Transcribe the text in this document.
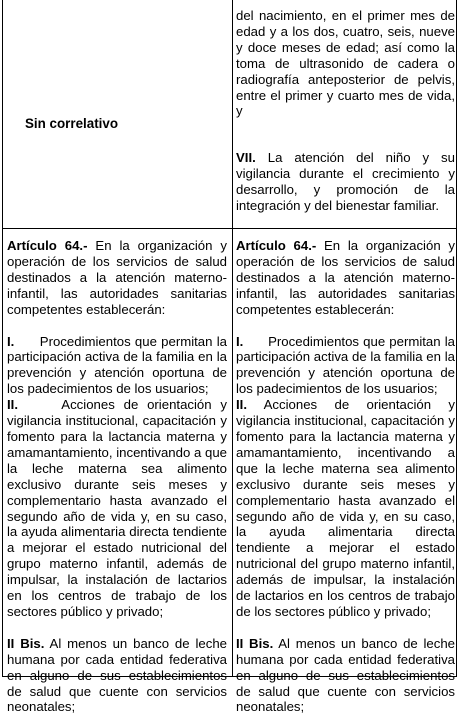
Sin correlativo

del nacimiento, en el primer mes de edad y a los dos, cuatro, seis, nueve y doce meses de edad; así como la toma de ultrasonido de cadera o radiografía anteposterior de pelvis, entre el primer y cuarto mes de vida, y

VII. La atención del niño y su vigilancia durante el crecimiento y desarrollo, y promoción de la integración y del bienestar familiar.

Artículo 64.- En la organización y operación de los servicios de salud destinados a la atención materno-infantil, las autoridades sanitarias competentes establecerán:

I.      Procedimientos que permitan la participación activa de la familia en la prevención y atención oportuna de los padecimientos de los usuarios;

II.     Acciones de orientación y vigilancia institucional, capacitación y fomento para la lactancia materna y amamantamiento, incentivando a que la leche materna sea alimento exclusivo durante seis meses y complementario hasta avanzado el segundo año de vida y, en su caso, la ayuda alimentaria directa tendiente a mejorar el estado nutricional del grupo materno infantil, además de impulsar, la instalación de lactarios en los centros de trabajo de los sectores público y privado;

II Bis. Al menos un banco de leche humana por cada entidad federativa en alguno de sus establecimientos de salud que cuente con servicios neonatales;

Artículo 64.- En la organización y operación de los servicios de salud destinados a la atención materno-infantil, las autoridades sanitarias competentes establecerán:

I.      Procedimientos que permitan la participación activa de la familia en la prevención y atención oportuna de los padecimientos de los usuarios;

II. Acciones de orientación y vigilancia institucional, capacitación y fomento para la lactancia materna y amamantamiento, incentivando a que la leche materna sea alimento exclusivo durante seis meses y complementario hasta avanzado el segundo año de vida y, en su caso, la ayuda alimentaria directa tendiente a mejorar el estado nutricional del grupo materno infantil, además de impulsar, la instalación de lactarios en los centros de trabajo de los sectores público y privado;

II Bis. Al menos un banco de leche humana por cada entidad federativa en alguno de sus establecimientos de salud que cuente con servicios neonatales;
